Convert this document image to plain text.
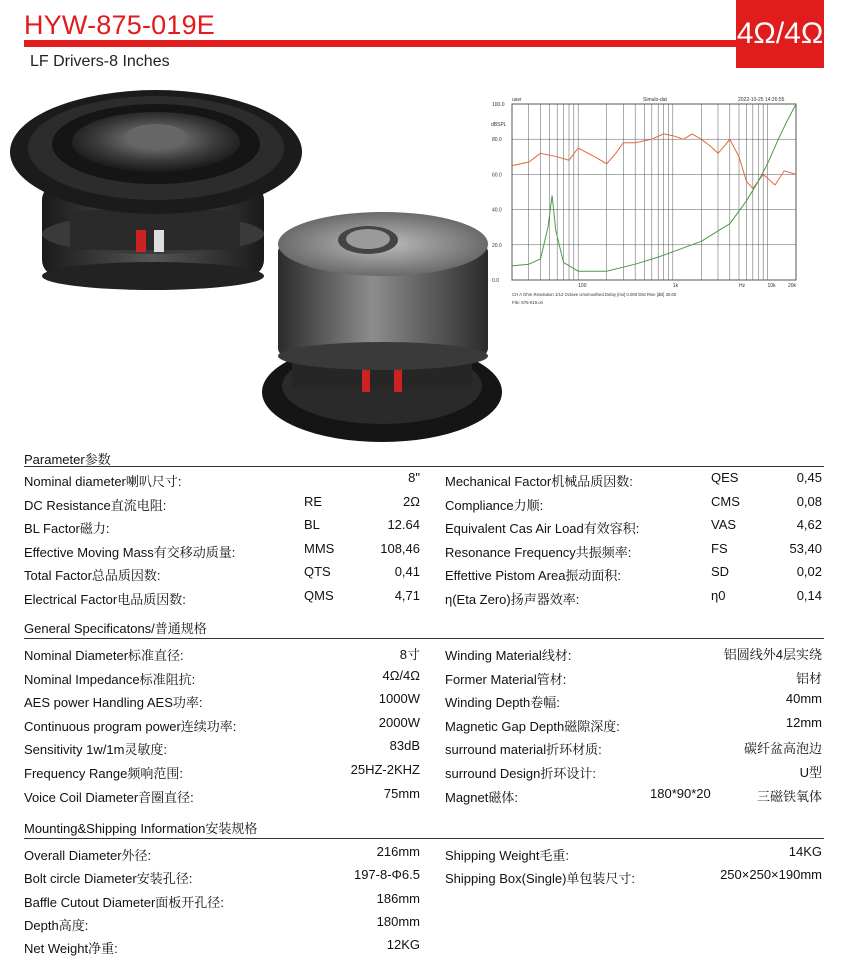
HYW-875-019E	4Ω/4Ω
LF Drivers-8 Inches
user	Simulo-dat	2022-10-25 14:26:55
dBSPL
100.0
80.0
60.0
40.0
20.0
0.0
100	1k	Hz	10k 20k
CH A Ohm Resolution 1/12 Octave Unsmoothed Delay [ms] 0.000 Dist Rise [dB] 30.00
File: 875-019.ori
Parameter参数
Nominal diameter喇叭尺寸:	8"
DC Resistance直流电阻:	RE	2Ω
BL Factor磁力:	BL	12.64
Effective Moving Mass有交移动质量:	MMS	108,46
Total Factor总品质因数:	QTS	0,41
Electrical Factor电品质因数:	QMS	4,71
Mechanical Factor机械品质因数:	QES	0,45
Compliance力顺:	CMS	0,08
Equivalent Cas Air Load有效容积:	VAS	4,62
Resonance Frequency共振频率:	FS	53,40
Effettive Pistom Area振动面积:	SD	0,02
η(Eta Zero)扬声器效率:	η0	0,14
General Specificatons/普通规格
Nominal Diameter标准直径:	8寸
Nominal Impedance标准阻抗:	4Ω/4Ω
AES power Handling AES功率:	1000W
Continuous program power连续功率:	2000W
Sensitivity 1w/1m灵敏度:	83dB
Frequency Range频响范围:	25HZ-2KHZ
Voice Coil Diameter音圈直径:	75mm
Winding Material线材:	铝圆线外4层实绕
Former Material管材:	铝材
Winding Depth卷幅:	40mm
Magnetic Gap Depth磁隙深度:	12mm
surround material折环材质:	碳纤盆高泡边
surround Design折环设计:	U型
Magnet磁体:	180*90*20	三磁铁氧体
Mounting&Shipping Information安装规格
Overall Diameter外径:	216mm
Bolt circle Diameter安装孔径:	197-8-Φ6.5
Baffle Cutout Diameter面板开孔径:	186mm
Depth高度:	180mm
Net Weight净重:	12KG
Shipping Weight毛重:	14KG
Shipping Box(Single)单包装尺寸:	250×250×190mm
